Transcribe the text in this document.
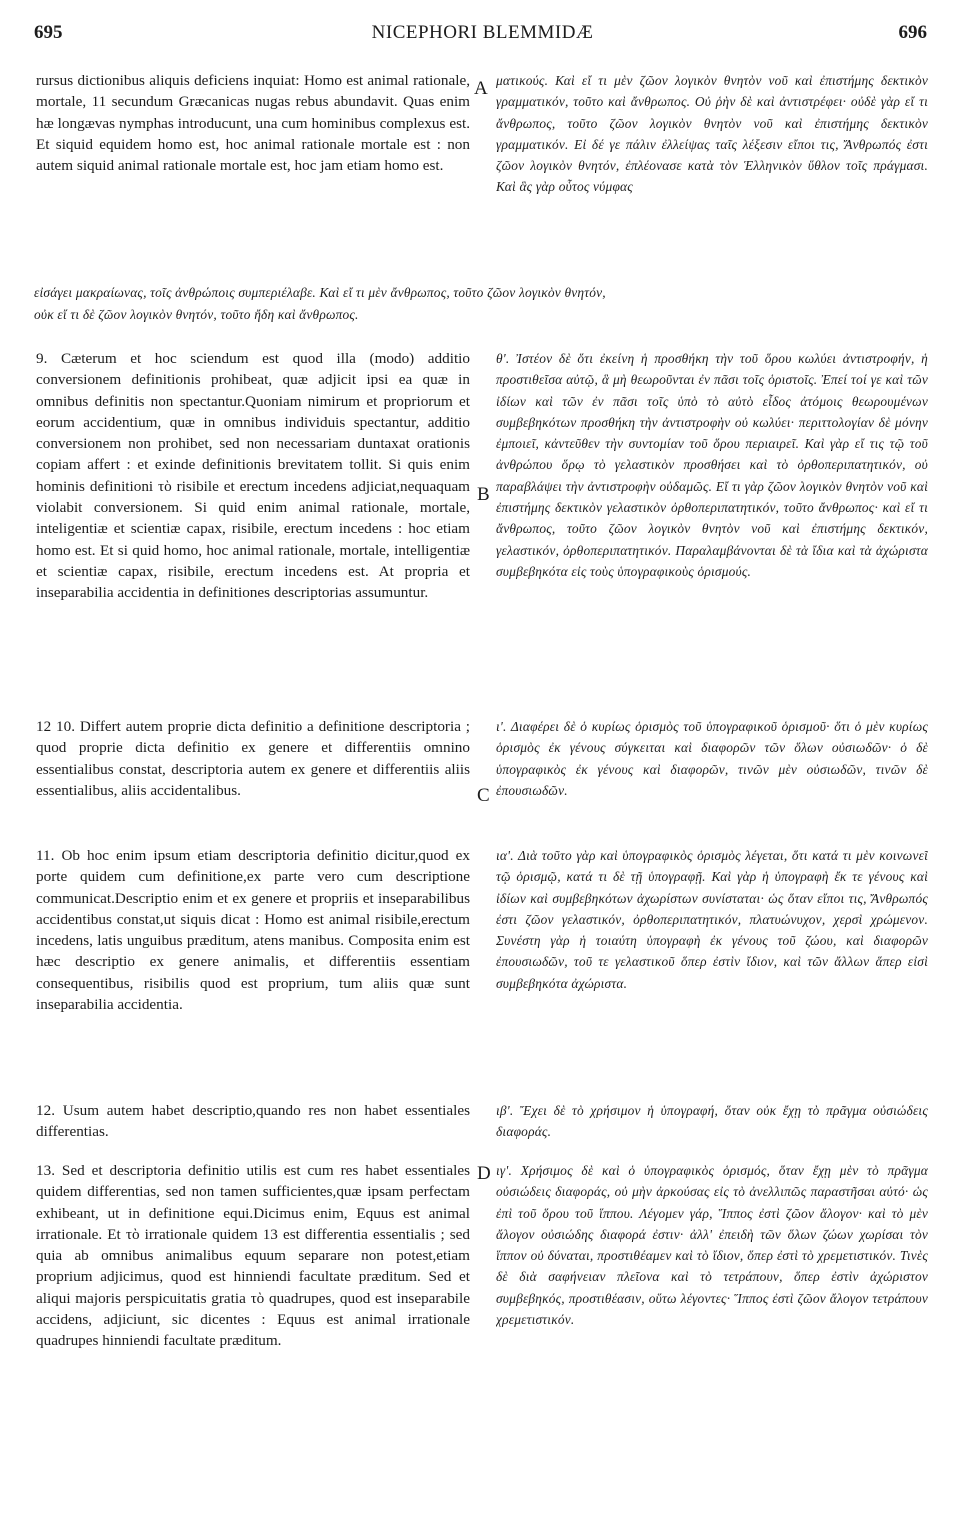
695	NICEPHORI BLEMMIDÆ	696
A
B
C
D

rursus dictionibus aliquis deficiens inquiat: Homo est animal rationale, mortale, 11 secundum Græcanicas nugas rebus abundavit. Quas enim hæ longævas nymphas introducunt, una cum hominibus complexus est. Et siquid equidem homo est, hoc animal rationale mortale est : non autem siquid animal rationale mortale est, hoc jam etiam homo est.

ματικούς. Καὶ εἴ τι μὲν ζῶον λογικὸν θνητὸν νοῦ καὶ ἐπιστήμης δεκτικὸν γραμματικόν, τοῦτο καὶ ἄνθρωπος. Οὐ ῥὴν δὲ καὶ ἀντιστρέφει· οὐδὲ γὰρ εἴ τι ἄνθρωπος, τοῦτο ζῶον λογικὸν θνητὸν νοῦ καὶ ἐπιστήμης δεκτικὸν γραμματικόν. Εἰ δέ γε πάλιν ἐλλείψας ταῖς λέξεσιν εἴποι τις, Ἄνθρωπός ἐστι ζῶον λογικὸν θνητόν, ἐπλέονασε κατὰ τὸν Ἑλληνικὸν ὕθλον τοῖς πράγμασι. Καὶ ἃς γὰρ οὗτος νύμφας

εἰσάγει μακραίωνας, τοῖς ἀνθρώποις συμπεριέλαβε. Καὶ εἴ τι μὲν ἄνθρωπος, τοῦτο ζῶον λογικὸν θνητόν,
οὐκ εἴ τι δὲ ζῶον λογικὸν θνητόν, τοῦτο ἤδη καὶ ἄνθρωπος.

9. Cæterum et hoc sciendum est quod illa (modo) additio conversionem definitionis prohibeat, quæ adjicit ipsi ea quæ in omnibus definitis non spectantur.Quoniam nimirum et propriorum et eorum accidentium, quæ in omnibus individuis spectantur, additio conversionem non prohibet, sed non necessariam duntaxat orationis copiam affert : et exinde definitionis brevitatem tollit. Si quis enim hominis definitioni τὸ risibile et erectum incedens adjiciat,nequaquam violabit conversionem. Si quid enim animal rationale, mortale, inteligentiæ et scientiæ capax, risibile, erectum incedens : hoc etiam homo est. Et si quid homo, hoc animal rationale, mortale, intelligentiæ et scientiæ capax, risibile, erectum incedens est. At propria et inseparabilia accidentia in definitiones descriptorias assumuntur.

θ'. Ἰστέον δὲ ὅτι ἐκείνη ἡ προσθήκη τὴν τοῦ ὅρου κωλύει ἀντιστροφήν, ἡ προστιθεῖσα αὐτῷ, ἃ μὴ θεωροῦνται ἐν πᾶσι τοῖς ὁριστοῖς. Ἐπεί τοί γε καὶ τῶν ἰδίων καὶ τῶν ἐν πᾶσι τοῖς ὑπὸ τὸ αὐτὸ εἶδος ἀτόμοις θεωρουμένων συμβεβηκότων προσθήκη τὴν ἀντιστροφὴν οὐ κωλύει· περιττολογίαν δὲ μόνην ἐμποιεῖ, κἀντεῦθεν τὴν συντομίαν τοῦ ὅρου περιαιρεῖ. Καὶ γὰρ εἴ τις τῷ τοῦ ἀνθρώπου ὅρῳ τὸ γελαστικὸν προσθήσει καὶ τὸ ὀρθοπεριπατητικόν, οὐ παραβλάψει τὴν ἀντιστροφὴν οὐδαμῶς. Εἴ τι γὰρ ζῶον λογικὸν θνητὸν νοῦ καὶ ἐπιστήμης δεκτικὸν γελαστικὸν ὀρθοπεριπατητικόν, τοῦτο ἄνθρωπος· καὶ εἴ τι ἄνθρωπος, τοῦτο ζῶον λογικὸν θνητὸν νοῦ καὶ ἐπιστήμης δεκτικόν, γελαστικόν, ὀρθοπεριπατητικόν. Παραλαμβάνονται δὲ τὰ ἴδια καὶ τὰ ἀχώριστα συμβεβηκότα εἰς τοὺς ὑπογραφικοὺς ὁρισμούς.

12 10. Differt autem proprie dicta definitio a definitione descriptoria ; quod proprie dicta definitio ex genere et differentiis omnino essentialibus constat, descriptoria autem ex genere et differentiis aliis essentialibus, aliis accidentalibus.

ι'. Διαφέρει δὲ ὁ κυρίως ὁρισμὸς τοῦ ὑπογραφικοῦ ὁρισμοῦ· ὅτι ὁ μὲν κυρίως ὁρισμὸς ἐκ γένους σύγκειται καὶ διαφορῶν τῶν ὅλων οὐσιωδῶν· ὁ δὲ ὑπογραφικὸς ἐκ γένους καὶ διαφορῶν, τινῶν μὲν οὐσιωδῶν, τινῶν δὲ ἐπουσιωδῶν.

11. Ob hoc enim ipsum etiam descriptoria definitio dicitur,quod ex porte quidem cum definitione,ex parte vero cum descriptione communicat.Descriptio enim et ex genere et propriis et inseparabilibus accidentibus constat,ut siquis dicat : Homo est animal risibile,erectum incedens, latis unguibus præditum, atens manibus. Composita enim est hæc descriptio ex genere animalis, et differentiis essentiam consequentibus, risibilis quod est proprium, tum aliis quæ sunt inseparabilia accidentia.

ια'. Διὰ τοῦτο γὰρ καὶ ὑπογραφικὸς ὁρισμὸς λέγεται, ὅτι κατά τι μὲν κοινωνεῖ τῷ ὁρισμῷ, κατά τι δὲ τῇ ὑπογραφῇ. Καὶ γὰρ ἡ ὑπογραφὴ ἔκ τε γένους καὶ ἰδίων καὶ συμβεβηκότων ἀχωρίστων συνίσταται· ὡς ὅταν εἴποι τις, Ἄνθρωπός ἐστι ζῶον γελαστικόν, ὀρθοπεριπατητικόν, πλατυώνυχον, χερσὶ χρώμενον. Συνέστη γὰρ ἡ τοιαύτη ὑπογραφὴ ἐκ γένους τοῦ ζώου, καὶ διαφορῶν ἐπουσιωδῶν, τοῦ τε γελαστικοῦ ὅπερ ἐστὶν ἴδιον, καὶ τῶν ἄλλων ἅπερ εἰσὶ συμβεβηκότα ἀχώριστα.

12. Usum autem habet descriptio,quando res non habet essentiales differentias.

ιβ'. Ἔχει δὲ τὸ χρήσιμον ἡ ὑπογραφή, ὅταν οὐκ ἔχῃ τὸ πρᾶγμα οὐσιώδεις διαφοράς.

13. Sed et descriptoria definitio utilis est cum res habet essentiales quidem differentias, sed non tamen sufficientes,quæ ipsam perfectam exhibeant, ut in definitione equi.Dicimus enim, Equus est animal irrationale. Et τὸ irrationale quidem 13 est differentia essentialis ; sed quia ab omnibus animalibus equum separare non potest,etiam proprium adjicimus, quod est hinniendi facultate præditum. Sed et aliqui majoris perspicuitatis gratia τὸ quadrupes, quod est inseparabile accidens, adjiciunt, sic dicentes : Equus est animal irrationale quadrupes hinniendi facultate præditum.

ιγ'. Χρήσιμος δὲ καὶ ὁ ὑπογραφικὸς ὁρισμός, ὅταν ἔχῃ μὲν τὸ πρᾶγμα οὐσιώδεις διαφοράς, οὐ μὴν ἀρκούσας εἰς τὸ ἀνελλιπῶς παραστῆσαι αὐτό· ὡς ἐπὶ τοῦ ὅρου τοῦ ἵππου. Λέγομεν γάρ, Ἵππος ἐστὶ ζῶον ἄλογον· καὶ τὸ μὲν ἄλογον οὐσιώδης διαφορά ἐστιν· ἀλλ' ἐπειδὴ τῶν ὅλων ζώων χωρίσαι τὸν ἵππον οὐ δύναται, προστιθέαμεν καὶ τὸ ἴδιον, ὅπερ ἐστὶ τὸ χρεμετιστικόν. Τινὲς δὲ διὰ σαφήνειαν πλεῖονα καὶ τὸ τετράπουν, ὅπερ ἐστὶν ἀχώριστον συμβεβηκός, προστιθέασιν, οὕτω λέγοντες· Ἵππος ἐστὶ ζῶον ἄλογον τετράπουν χρεμετιστικόν.
